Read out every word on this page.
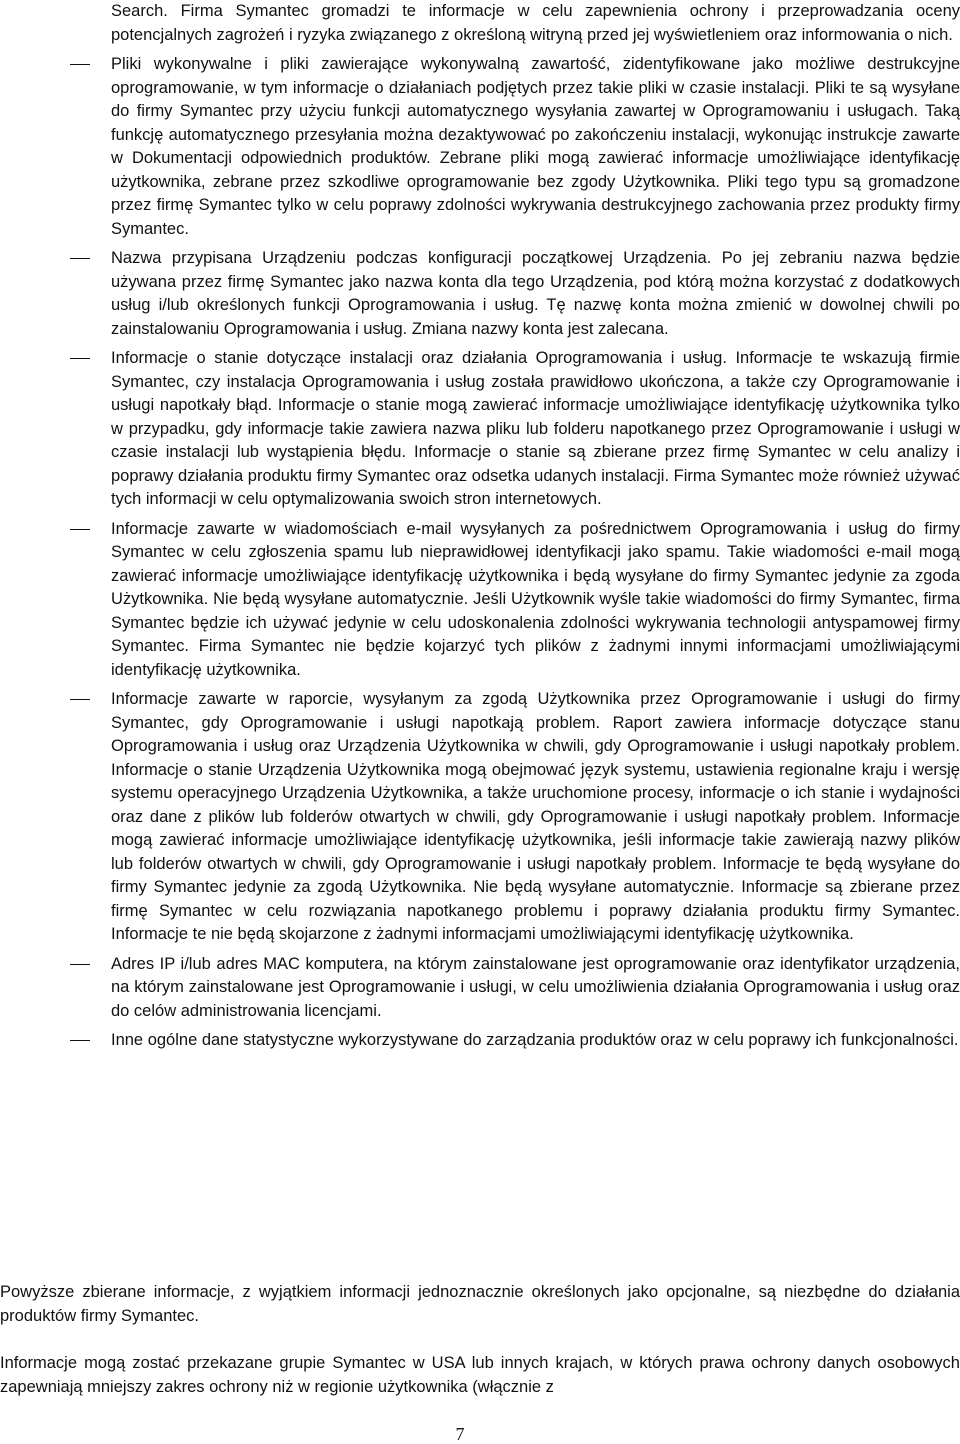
Search. Firma Symantec gromadzi te informacje w celu zapewnienia ochrony i przeprowadzania oceny potencjalnych zagrożeń i ryzyka związanego z określoną witryną przed jej wyświetleniem oraz informowania o nich.

Pliki wykonywalne i pliki zawierające wykonywalną zawartość, zidentyfikowane jako możliwe destrukcyjne oprogramowanie, w tym informacje o działaniach podjętych przez takie pliki w czasie instalacji. Pliki te są wysyłane do firmy Symantec przy użyciu funkcji automatycznego wysyłania zawartej w Oprogramowaniu i usługach. Taką funkcję automatycznego przesyłania można dezaktywować po zakończeniu instalacji, wykonując instrukcje zawarte w Dokumentacji odpowiednich produktów. Zebrane pliki mogą zawierać informacje umożliwiające identyfikację użytkownika, zebrane przez szkodliwe oprogramowanie bez zgody Użytkownika. Pliki tego typu są gromadzone przez firmę Symantec tylko w celu poprawy zdolności wykrywania destrukcyjnego zachowania przez produkty firmy Symantec.

Nazwa przypisana Urządzeniu podczas konfiguracji początkowej Urządzenia. Po jej zebraniu nazwa będzie używana przez firmę Symantec jako nazwa konta dla tego Urządzenia, pod którą można korzystać z dodatkowych usług i/lub określonych funkcji Oprogramowania i usług. Tę nazwę konta można zmienić w dowolnej chwili po zainstalowaniu Oprogramowania i usług. Zmiana nazwy konta jest zalecana.

Informacje o stanie dotyczące instalacji oraz działania Oprogramowania i usług. Informacje te wskazują firmie Symantec, czy instalacja Oprogramowania i usług została prawidłowo ukończona, a także czy Oprogramowanie i usługi napotkały błąd. Informacje o stanie mogą zawierać informacje umożliwiające identyfikację użytkownika tylko w przypadku, gdy informacje takie zawiera nazwa pliku lub folderu napotkanego przez Oprogramowanie i usługi w czasie instalacji lub wystąpienia błędu. Informacje o stanie są zbierane przez firmę Symantec w celu analizy i poprawy działania produktu firmy Symantec oraz odsetka udanych instalacji. Firma Symantec może również używać tych informacji w celu optymalizowania swoich stron internetowych.

Informacje zawarte w wiadomościach e-mail wysyłanych za pośrednictwem Oprogramowania i usług do firmy Symantec w celu zgłoszenia spamu lub nieprawidłowej identyfikacji jako spamu. Takie wiadomości e-mail mogą zawierać informacje umożliwiające identyfikację użytkownika i będą wysyłane do firmy Symantec jedynie za zgoda Użytkownika. Nie będą wysyłane automatycznie. Jeśli Użytkownik wyśle takie wiadomości do firmy Symantec, firma Symantec będzie ich używać jedynie w celu udoskonalenia zdolności wykrywania technologii antyspamowej firmy Symantec. Firma Symantec nie będzie kojarzyć tych plików z żadnymi innymi informacjami umożliwiającymi identyfikację użytkownika.

Informacje zawarte w raporcie, wysyłanym za zgodą Użytkownika przez Oprogramowanie i usługi do firmy Symantec, gdy Oprogramowanie i usługi napotkają problem. Raport zawiera informacje dotyczące stanu Oprogramowania i usług oraz Urządzenia Użytkownika w chwili, gdy Oprogramowanie i usługi napotkały problem. Informacje o stanie Urządzenia Użytkownika mogą obejmować język systemu, ustawienia regionalne kraju i wersję systemu operacyjnego Urządzenia Użytkownika, a także uruchomione procesy, informacje o ich stanie i wydajności oraz dane z plików lub folderów otwartych w chwili, gdy Oprogramowanie i usługi napotkały problem. Informacje mogą zawierać informacje umożliwiające identyfikację użytkownika, jeśli informacje takie zawierają nazwy plików lub folderów otwartych w chwili, gdy Oprogramowanie i usługi napotkały problem. Informacje te będą wysyłane do firmy Symantec jedynie za zgodą Użytkownika. Nie będą wysyłane automatycznie. Informacje są zbierane przez firmę Symantec w celu rozwiązania napotkanego problemu i poprawy działania produktu firmy Symantec. Informacje te nie będą skojarzone z żadnymi informacjami umożliwiającymi identyfikację użytkownika.

Adres IP i/lub adres MAC komputera, na którym zainstalowane jest oprogramowanie oraz identyfikator urządzenia, na którym zainstalowane jest Oprogramowanie i usługi, w celu umożliwienia działania Oprogramowania i usług oraz do celów administrowania licencjami.

Inne ogólne dane statystyczne wykorzystywane do zarządzania produktów oraz w celu poprawy ich funkcjonalności.

Powyższe zbierane informacje, z wyjątkiem informacji jednoznacznie określonych jako opcjonalne, są niezbędne do działania produktów firmy Symantec.

Informacje mogą zostać przekazane grupie Symantec w USA lub innych krajach, w których prawa ochrony danych osobowych zapewniają mniejszy zakres ochrony niż w regionie użytkownika (włącznie z

7
